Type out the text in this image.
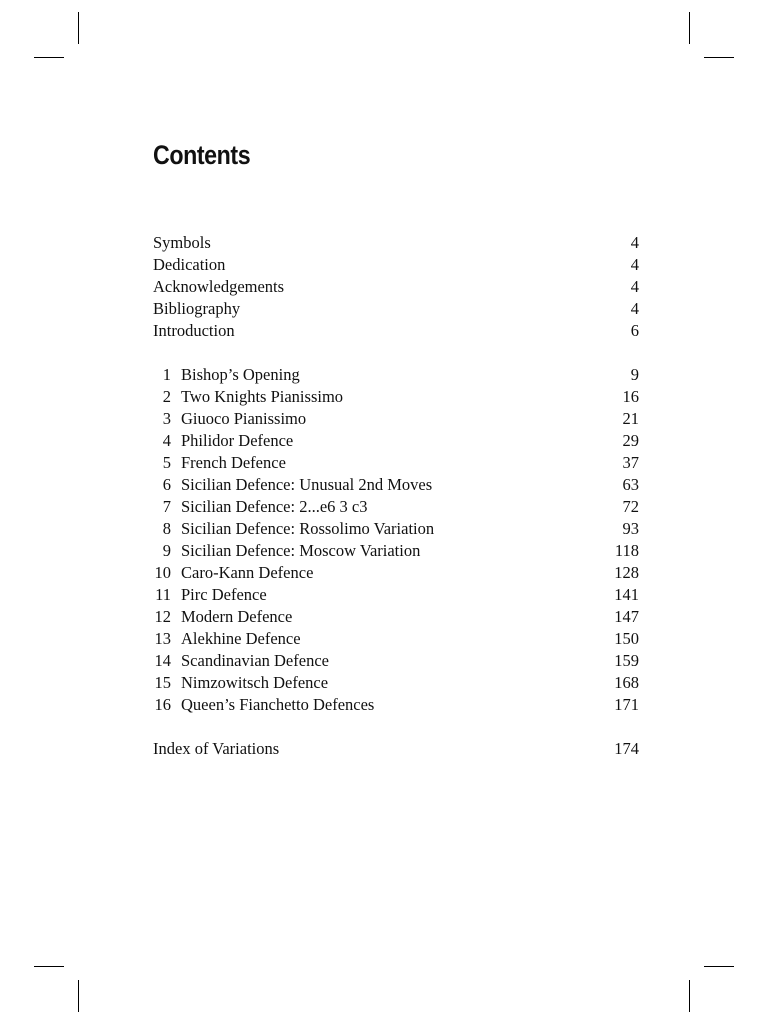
Contents
Symbols	4
Dedication	4
Acknowledgements	4
Bibliography	4
Introduction	6
1 Bishop’s Opening	9
2 Two Knights Pianissimo	16
3 Giuoco Pianissimo	21
4 Philidor Defence	29
5 French Defence	37
6 Sicilian Defence: Unusual 2nd Moves	63
7 Sicilian Defence: 2...e6 3 c3	72
8 Sicilian Defence: Rossolimo Variation	93
9 Sicilian Defence: Moscow Variation	118
10 Caro-Kann Defence	128
11 Pirc Defence	141
12 Modern Defence	147
13 Alekhine Defence	150
14 Scandinavian Defence	159
15 Nimzowitsch Defence	168
16 Queen’s Fianchetto Defences	171
Index of Variations	174
